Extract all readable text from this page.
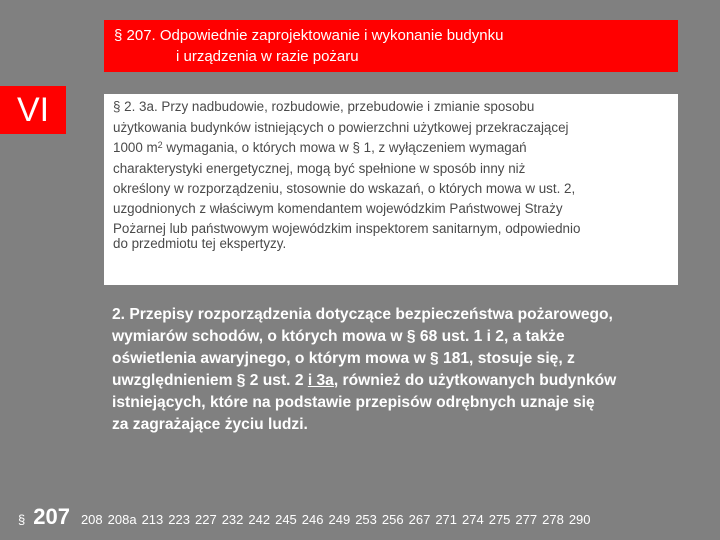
§ 207. Odpowiednie zaprojektowanie i wykonanie budynku
i urządzenia w razie pożaru
VI	§ 2. 3a. Przy nadbudowie, rozbudowie, przebudowie i zmianie sposobu
użytkowania budynków istniejących o powierzchni użytkowej przekraczającej
1000 $m^2$ wymagania, o których mowa w § 1, z wyłączeniem wymagań
charakterystyki energetycznej, mogą być spełnione w sposób inny niż
określony w rozporządzeniu, stosownie do wskazań, o których mowa w ust. 2,
uzgodnionych z właściwym komendantem wojewódzkim Państwowej Straży
Pożarnej lub państwowym wojewódzkim inspektorem sanitarnym, odpowiednio
do przedmiotu tej ekspertyzy.
2. Przepisy rozporządzenia dotyczące bezpieczeństwa pożarowego,
wymiarów schodów, o których mowa w § 68 ust. 1 i 2, a także
oświetlenia awaryjnego, o którym mowa w § 181, stosuje się, z
uwzględnieniem § 2 ust. 2 i 3a, również do użytkowanych budynków
istniejących, które na podstawie przepisów odrębnych uznaje się
za zagrażające życiu ludzi.
§ 207 208 208a 213 223 227 232 242 245 246 249 253 256 267 271 274 275 277 278 290
